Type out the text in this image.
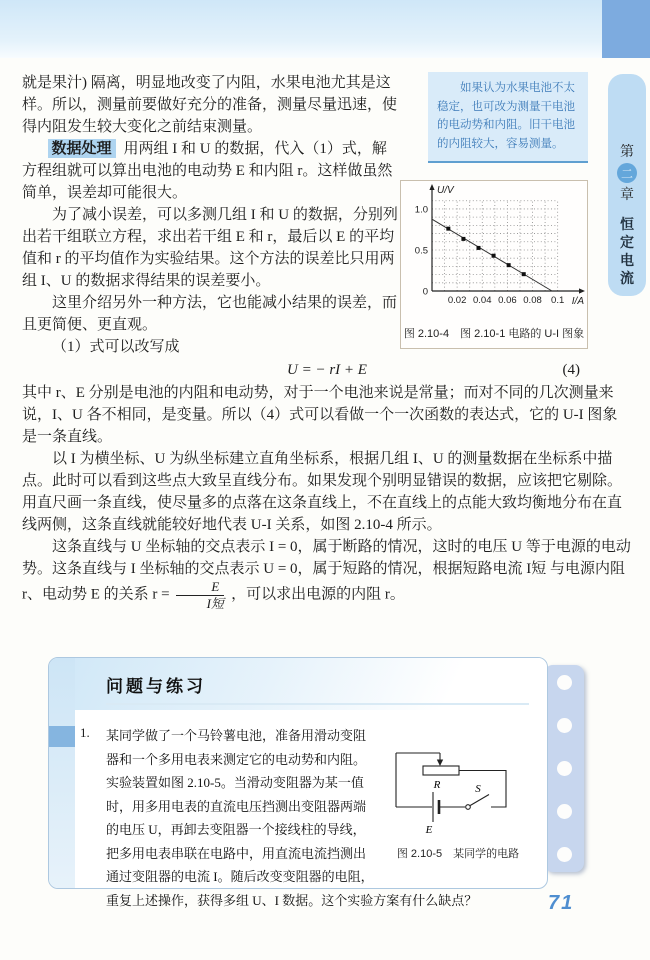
第
二
章
恒定电流

如果认为水果电池不太稳定，也可改为测量干电池的电动势和内阻。旧干电池的内阻较大，容易测量。

0
0.5
1.0
0.02 0.04 0.06 0.08 0.1
U/V
I/A
图 2.10-4　图 2.10-1 电路的 U-I 图象

就是果汁) 隔离，明显地改变了内阻，水果电池尤其是这样。所以，测量前要做好充分的准备，测量尽量迅速，使得内阻发生较大变化之前结束测量。

数据处理 用两组 I 和 U 的数据，代入（1）式，解方程组就可以算出电池的电动势 E 和内阻 r。这样做虽然简单，误差却可能很大。

为了减小误差，可以多测几组 I 和 U 的数据，分别列出若干组联立方程，求出若干组 E 和 r，最后以 E 的平均值和 r 的平均值作为实验结果。这个方法的误差比只用两组 I、U 的数据求得结果的误差要小。

这里介绍另外一种方法，它也能减小结果的误差，而且更简便、更直观。

（1）式可以改写成

U = − rI + E	(4)

其中 r、E 分别是电池的内阻和电动势，对于一个电池来说是常量；而对不同的几次测量来说，I、U 各不相同，是变量。所以（4）式可以看做一个一次函数的表达式，它的 U-I 图象是一条直线。

以 I 为横坐标、U 为纵坐标建立直角坐标系，根据几组 I、U 的测量数据在坐标系中描点。此时可以看到这些点大致呈直线分布。如果发现个别明显错误的数据，应该把它剔除。用直尺画一条直线，使尽量多的点落在这条直线上，不在直线上的点能大致均衡地分布在直线两侧，这条直线就能较好地代表 U-I 关系，如图 2.10-4 所示。

这条直线与 U 坐标轴的交点表示 I = 0，属于断路的情况，这时的电压 U 等于电源的电动势。这条直线与 I 坐标轴的交点表示 U = 0，属于短路的情况，根据短路电流 I短 与电源内阻 r、电动势 E 的关系 $r = \frac{E}{\text{I短}}$ ，可以求出电源的内阻 r。

问题与练习
1.
R
E
S
图 2.10-5　某同学的电路
某同学做了一个马铃薯电池，准备用滑动变阻器和一个多用电表来测定它的电动势和内阻。实验装置如图 2.10-5。当滑动变阻器为某一值时，用多用电表的直流电压挡测出变阻器两端的电压 U，再卸去变阻器一个接线柱的导线，把多用电表串联在电路中，用直流电流挡测出通过变阻器的电流 I。随后改变变阻器的电阻，重复上述操作，获得多组 U、I 数据。这个实验方案有什么缺点？	71
